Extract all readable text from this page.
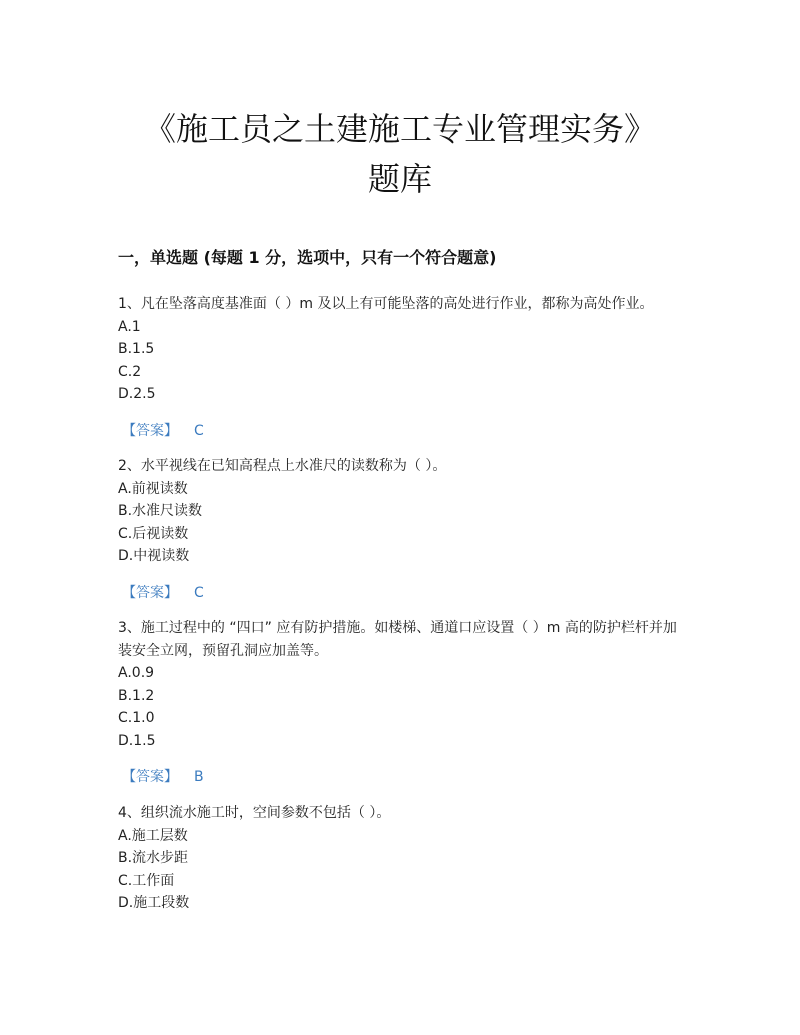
《施工员之土建施工专业管理实务》
题库
一，单选题 (每题 1 分，选项中，只有一个符合题意)

1、凡在坠落高度基准面（ ）m 及以上有可能坠落的高处进行作业，都称为高处作业。

A.1

B.1.5

C.2

D.2.5

【答案】 C

2、水平视线在已知高程点上水准尺的读数称为（ ）。

A.前视读数

B.水准尺读数

C.后视读数

D.中视读数

【答案】 C

3、施工过程中的 “四口” 应有防护措施。如楼梯、通道口应设置（ ）m 高的防护栏杆并加装安全立网，预留孔洞应加盖等。

A.0.9

B.1.2

C.1.0

D.1.5

【答案】 B

4、组织流水施工时，空间参数不包括（ ）。

A.施工层数

B.流水步距

C.工作面

D.施工段数
